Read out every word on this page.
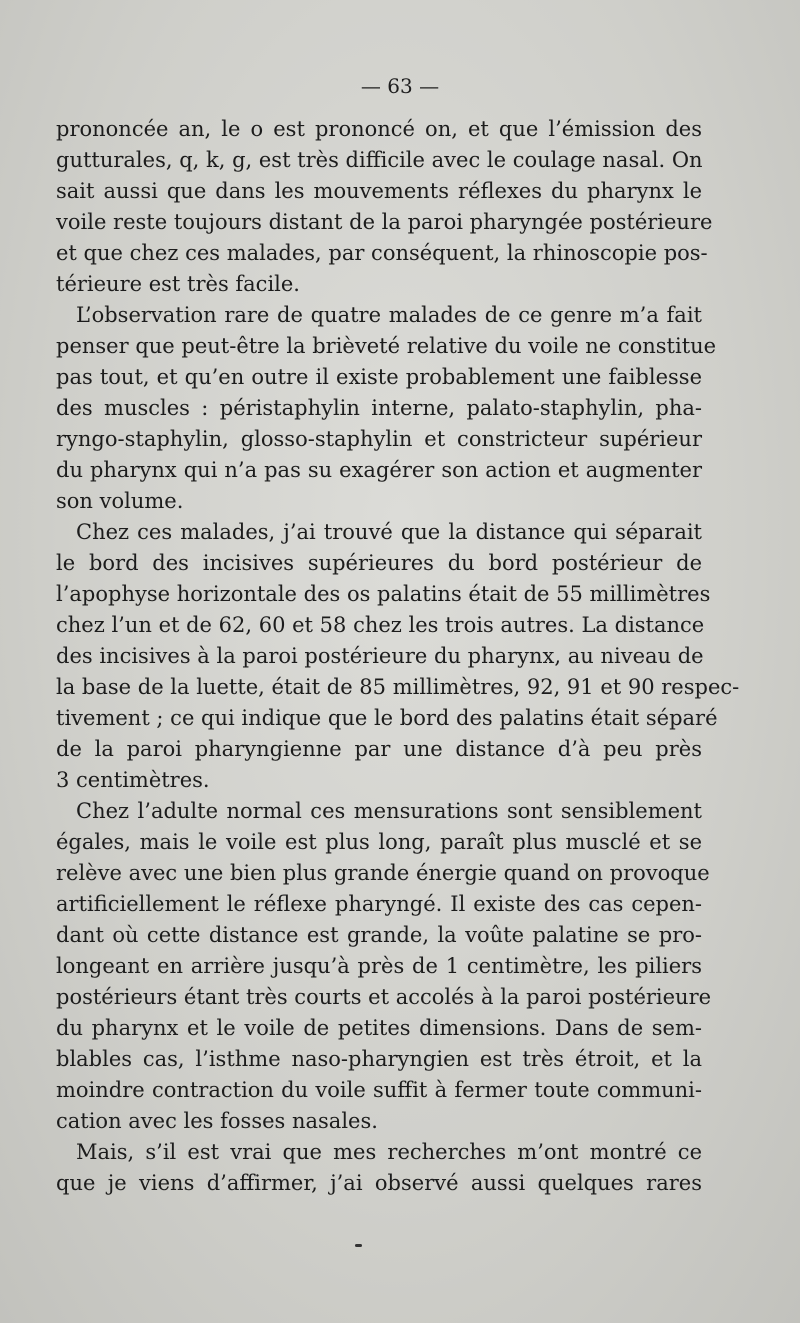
— 63 —
prononcée an, le o est prononcé on, et que l’émission des
gutturales, q, k, g, est très difficile avec le coulage nasal. On
sait aussi que dans les mouvements réflexes du pharynx le
voile reste toujours distant de la paroi pharyngée postérieure
et que chez ces malades, par conséquent, la rhinoscopie pos-
térieure est très facile.
L’observation rare de quatre malades de ce genre m’a fait
penser que peut-être la brièveté relative du voile ne constitue
pas tout, et qu’en outre il existe probablement une faiblesse
des muscles : péristaphylin interne, palato-staphylin, pha-
ryngo-staphylin, glosso-staphylin et constricteur supérieur
du pharynx qui n’a pas su exagérer son action et augmenter
son volume.
Chez ces malades, j’ai trouvé que la distance qui séparait
le bord des incisives supérieures du bord postérieur de
l’apophyse horizontale des os palatins était de 55 millimètres
chez l’un et de 62, 60 et 58 chez les trois autres. La distance
des incisives à la paroi postérieure du pharynx, au niveau de
la base de la luette, était de 85 millimètres, 92, 91 et 90 respec-
tivement ; ce qui indique que le bord des palatins était séparé
de la paroi pharyngienne par une distance d’à peu près
3 centimètres.
Chez l’adulte normal ces mensurations sont sensiblement
égales, mais le voile est plus long, paraît plus musclé et se
relève avec une bien plus grande énergie quand on provoque
artificiellement le réflexe pharyngé. Il existe des cas cepen-
dant où cette distance est grande, la voûte palatine se pro-
longeant en arrière jusqu’à près de 1 centimètre, les piliers
postérieurs étant très courts et accolés à la paroi postérieure
du pharynx et le voile de petites dimensions. Dans de sem-
blables cas, l’isthme naso-pharyngien est très étroit, et la
moindre contraction du voile suffit à fermer toute communi-
cation avec les fosses nasales.
Mais, s’il est vrai que mes recherches m’ont montré ce
que je viens d’affirmer, j’ai observé aussi quelques rares
